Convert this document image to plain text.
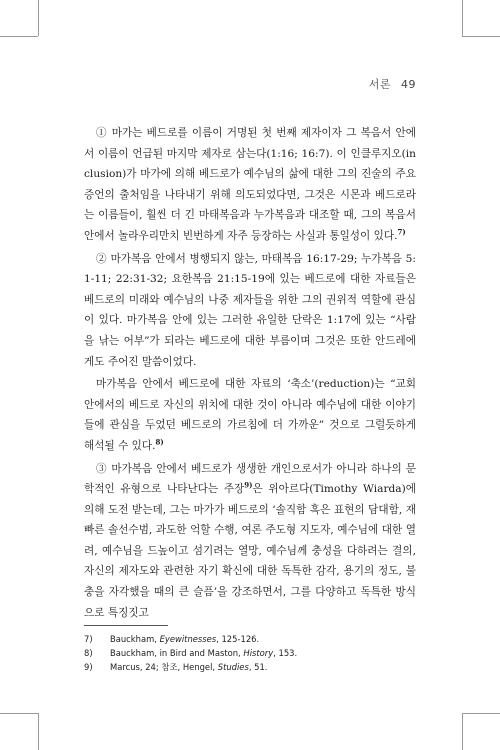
서론 49

① 마가는 베드로를 이름이 거명된 첫 번째 제자이자 그 복음서 안에서 이름이 언급된 마지막 제자로 삼는다(1:16; 16:7). 이 인클루지오(inclusion)가 마가에 의해 베드로가 예수님의 삶에 대한 그의 진술의 주요 증언의 출처임을 나타내기 위해 의도되었다면, 그것은 시몬과 베드로라는 이름들이, 훨씬 더 긴 마태복음과 누가복음과 대조할 때, 그의 복음서 안에서 놀라우리만치 빈번하게 자주 등장하는 사실과 통일성이 있다.$^{7)}$

② 마가복음 안에서 병행되지 않는, 마태복음 16:17-29; 누가복음 5:1-11; 22:31-32; 요한복음 21:15-19에 있는 베드로에 대한 자료들은 베드로의 미래와 예수님의 나중 제자들을 위한 그의 권위적 역할에 관심이 있다. 마가복음 안에 있는 그러한 유일한 단락은 1:17에 있는 “사람을 낚는 어부”가 되라는 베드로에 대한 부름이며 그것은 또한 안드레에게도 주어진 말씀이었다.

마가복음 안에서 베드로에 대한 자료의 ‘축소’(reduction)는 “교회 안에서의 베드로 자신의 위치에 대한 것이 아니라 예수님에 대한 이야기들에 관심을 두었던 베드로의 가르침에 더 가까운” 것으로 그럴듯하게 해석될 수 있다.$^{8)}$

③ 마가복음 안에서 베드로가 생생한 개인으로서가 아니라 하나의 문학적인 유형으로 나타난다는 주장$^{9)}$은 위아르다(Timothy Wiarda)에 의해 도전 받는데, 그는 마가가 베드로의 ‘솔직함 혹은 표현의 담대함, 재빠른 솔선수범, 과도한 억할 수행, 여론 주도형 지도자, 예수님에 대한 열려, 예수님을 드높이고 섬기려는 열망, 예수님께 충성을 다하려는 결의, 자신의 제자도와 관련한 자기 확신에 대한 독특한 감각, 용기의 정도, 불충을 자각했을 때의 큰 슬픔’을 강조하면서, 그를 다양하고 독특한 방식으로 특징짓고

7)	Bauckham, Eyewitnesses, 125-126.
8)	Bauckham, in Bird and Maston, History, 153.
9)	Marcus, 24; 참조, Hengel, Studies, 51.
